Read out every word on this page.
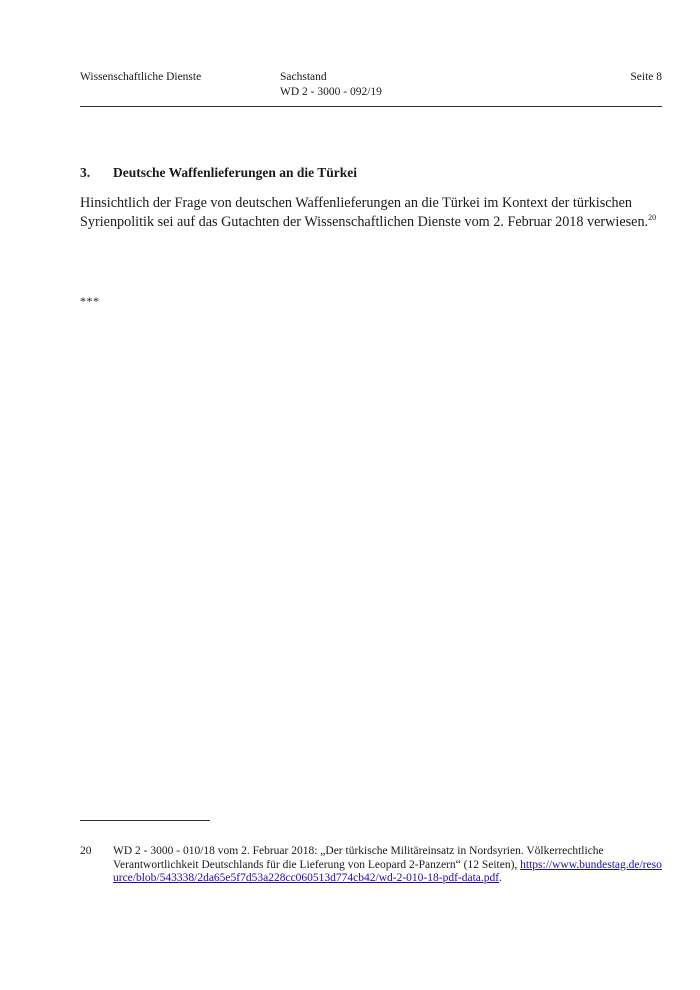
Wissenschaftliche Dienste	Sachstand
WD 2 - 3000 - 092/19
Seite 8
3. Deutsche Waffenlieferungen an die Türkei

Hinsichtlich der Frage von deutschen Waffenlieferungen an die Türkei im Kontext der türkischen Syrienpolitik sei auf das Gutachten der Wissenschaftlichen Dienste vom 2. Februar 2018 verwiesen.$^{20}$

***
20 WD 2 - 3000 - 010/18 vom 2. Februar 2018: „Der türkische Militäreinsatz in Nordsyrien. Völkerrechtliche Verantwortlichkeit Deutschlands für die Lieferung von Leopard 2-Panzern“ (12 Seiten), https://www.bundestag.de/resource/blob/543338/2da65e5f7d53a228cc060513d774cb42/wd-2-010-18-pdf-data.pdf.
